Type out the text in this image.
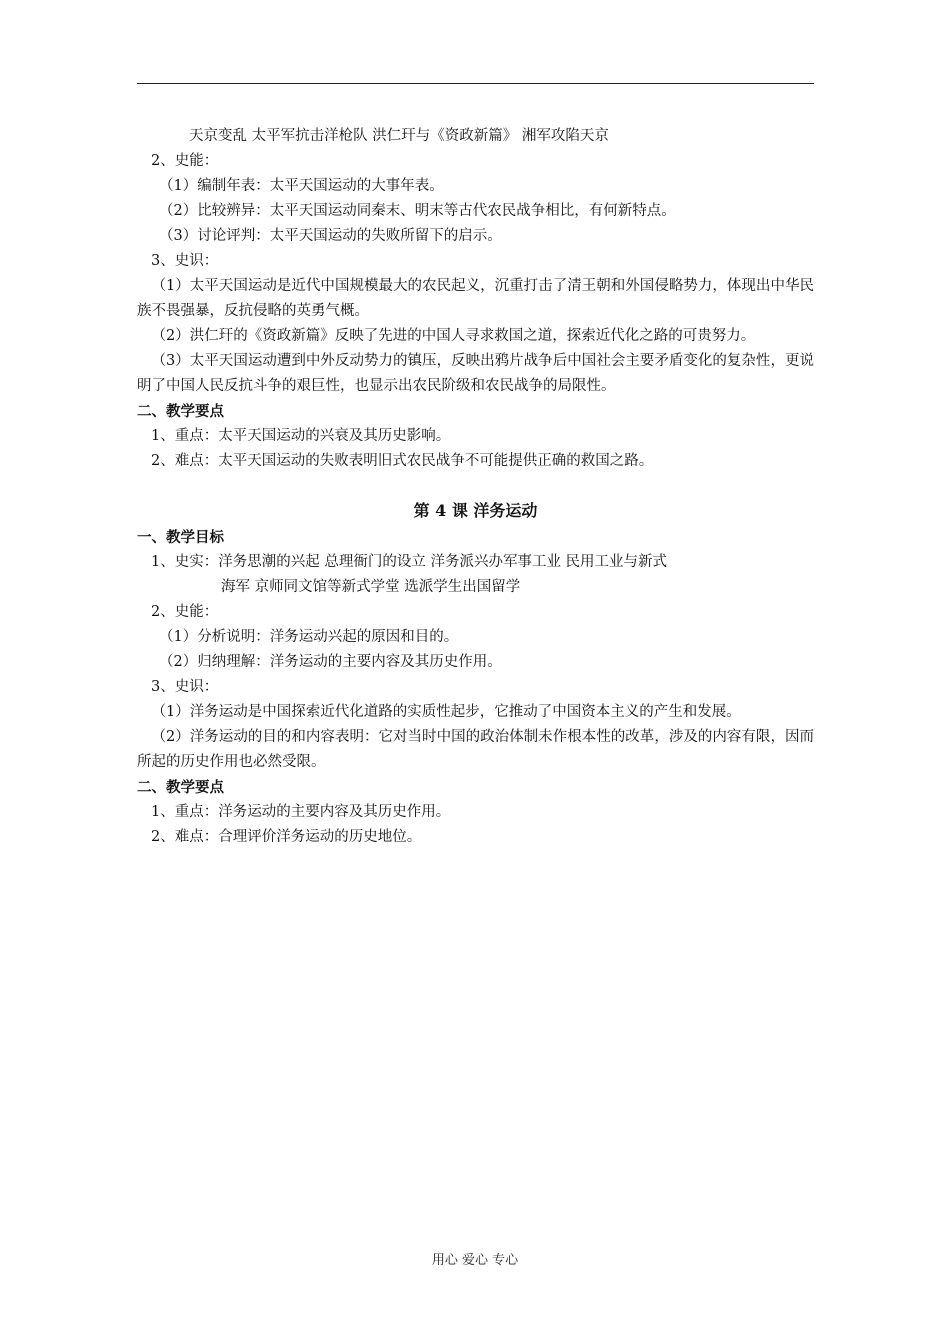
天京变乱 太平军抗击洋枪队 洪仁玕与《资政新篇》 湘军攻陷天京
2、史能：
（1）编制年表：太平天国运动的大事年表。
（2）比较辨异：太平天国运动同秦末、明末等古代农民战争相比，有何新特点。
（3）讨论评判：太平天国运动的失败所留下的启示。
3、史识：
（1）太平天国运动是近代中国规模最大的农民起义，沉重打击了清王朝和外国侵略势力，体现出中华民族不畏强暴，反抗侵略的英勇气概。
（2）洪仁玕的《资政新篇》反映了先进的中国人寻求救国之道，探索近代化之路的可贵努力。
（3）太平天国运动遭到中外反动势力的镇压，反映出鸦片战争后中国社会主要矛盾变化的复杂性，更说明了中国人民反抗斗争的艰巨性，也显示出农民阶级和农民战争的局限性。
二、教学要点
1、重点：太平天国运动的兴衰及其历史影响。
2、难点：太平天国运动的失败表明旧式农民战争不可能提供正确的救国之路。
第 4 课 洋务运动
一、教学目标
1、史实：洋务思潮的兴起 总理衙门的设立 洋务派兴办军事工业 民用工业与新式
海军 京师同文馆等新式学堂 选派学生出国留学
2、史能：
（1）分析说明：洋务运动兴起的原因和目的。
（2）归纳理解：洋务运动的主要内容及其历史作用。
3、史识：
（1）洋务运动是中国探索近代化道路的实质性起步，它推动了中国资本主义的产生和发展。
（2）洋务运动的目的和内容表明：它对当时中国的政治体制未作根本性的改革，涉及的内容有限，因而所起的历史作用也必然受限。
二、教学要点
1、重点：洋务运动的主要内容及其历史作用。
2、难点：合理评价洋务运动的历史地位。
用心 爱心 专心
